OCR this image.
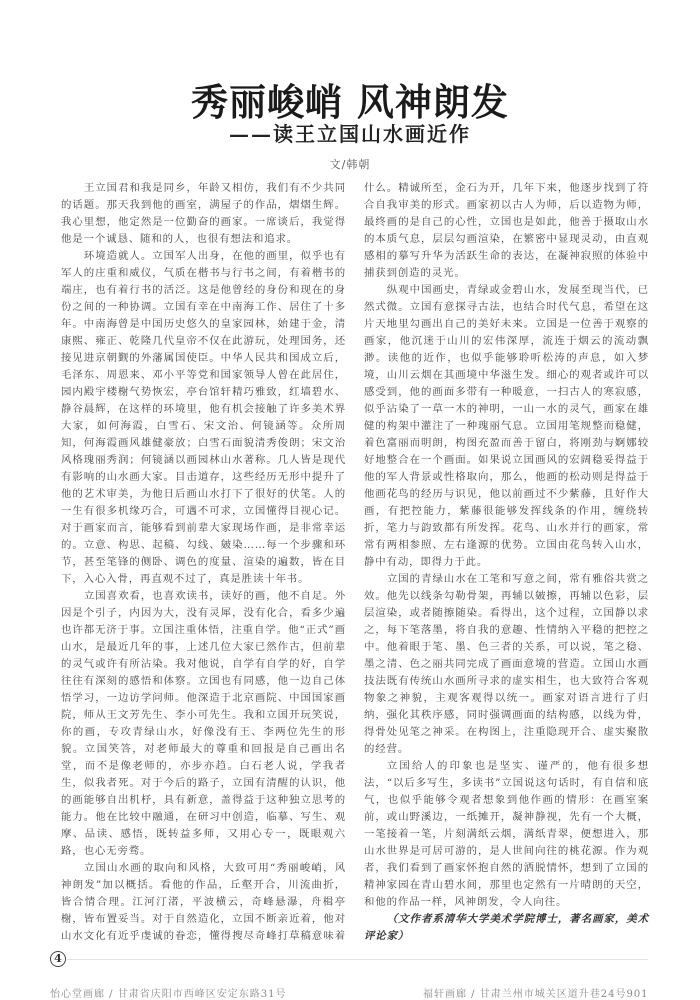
秀丽峻峭 风神朗发
——读王立国山水画近作
文/韩朝

王立国君和我是同乡，年龄又相仿，我们有不少共同的话题。那天我到他的画室，满屋子的作品，熠熠生辉。我心里想，他定然是一位勤奋的画家。一席谈后，我觉得他是一个诚恳、随和的人，也很有想法和追求。

环境造就人。立国军人出身，在他的画里，似乎也有军人的庄重和威仪，气质在楷书与行书之间，有着楷书的端庄，也有着行书的活泛。这是他曾经的身份和现在的身份之间的一种协调。立国有幸在中南海工作、居住了十多年。中南海曾是中国历史悠久的皇家园林，始建于金，清康熙、雍正、乾隆几代皇帝不仅在此游玩，处理国务，还接见进京朝觐的外藩属国使臣。中华人民共和国成立后，毛泽东、周恩来、邓小平等党和国家领导人曾在此居住，园内殿宇楼榭气势恢宏，亭台馆轩精巧雅致，红墙碧水、静谷晨辉，在这样的环境里，他有机会接触了许多美术界大家，如何海霞，白雪石、宋文治、何镜涵等。众所周知，何海霞画风雄健豪放；白雪石面貌清秀俊朗；宋文治风格瑰丽秀润；何镜涵以画园林山水著称。几人皆是现代有影响的山水画大家。目击道存，这些经历无形中提升了他的艺术审美，为他日后画山水打下了很好的伏笔。人的一生有很多机缘巧合，可遇不可求，立国懂得目视心记。对于画家而言，能够看到前辈大家现场作画，是非常幸运的。立意、构思、起稿、勾线、皴染……每一个步骤和环节，甚至笔锋的侧卧、调色的度量、渲染的遍数，皆在目下，入心入骨，再直观不过了，真是胜读十年书。

立国喜欢看，也喜欢读书，读好的画，他不自足。外因是个引子，内因为大，没有灵犀，没有化合，看多少遍也许都无济于事。立国注重体悟，注重自学。他“正式”画山水，是最近几年的事，上述几位大家已然作古，但前辈的灵气或许有所沾染。我对他说，自学有自学的好，自学往往有深刻的感悟和体察。立国也有同感，他一边自己体悟学习，一边访学问师。他深造于北京画院、中国国家画院，师从王文芳先生、李小可先生。我和立国开玩笑说，你的画，专攻青绿山水，好像没有王、李两位先生的形貌。立国笑答，对老师最大的尊重和回报是自己画出名堂，而不是像老师的，亦步亦趋。白石老人说，学我者生，似我者死。对于今后的路子，立国有清醒的认识，他的画能够自出机杼，具有新意，盖得益于这种独立思考的能力。他在比较中融通，在研习中创造，临摹、写生、观摩、品读、感悟，既转益多师，又用心专一，既眼观六路，也心无旁骛。

立国山水画的取向和风格，大致可用“秀丽峻峭，风神朗发”加以概括。看他的作品，丘壑开合，川流曲折，皆合情合理。江河汀渚，平波横云，奇峰悬瀑，舟楫亭榭，皆布置妥当。对于自然造化，立国不断亲近着，他对山水文化有近乎虔诚的眷恋，懂得搜尽奇峰打草稿意味着什么。精诚所至，金石为开，几年下来，他逐步找到了符合自我审美的形式。画家初以古人为师，后以造物为师，最终画的是自己的心性，立国也是如此，他善于摄取山水的本质气息，层层勾画渲染，在繁密中显现灵动，由直观感相的摹写升华为活跃生命的表达，在凝神寂照的体验中捕获到创造的灵光。

纵观中国画史，青绿或金碧山水，发展至现当代，已然式微。立国有意探寻古法，也结合时代气息，希望在这片天地里勾画出自己的美好未来。立国是一位善于观察的画家，他沉迷于山川的宏伟深厚，流连于烟云的流动飘渺。读他的近作，也似乎能够聆听松涛的声息，如入梦境，山川云烟在其画境中华滋生发。细心的观者或许可以感受到，他的画面多带有一种暖意，一扫古人的寒寂感，似乎沾染了一草一木的神明，一山一水的灵气，画家在雄健的构架中灌注了一种瑰丽气息。立国用笔规整而稳健，着色富丽而明朗，构图充盈而善于留白，将刚劲与婀娜较好地整合在一个画面。如果说立国画风的宏阔稳妥得益于他的军人背景或性格取向，那么，他画的松动则是得益于他画花鸟的经历与识见，他以前画过不少紫藤，且好作大画，有把控能力，紫藤很能够发挥线条的作用，缠绕转折，笔力与韵致都有所发挥。花鸟、山水并行的画家，常常有两相参照、左右逢源的优势。立国由花鸟转入山水，静中有动，即得力于此。

立国的青绿山水在工笔和写意之间，常有雅俗共赏之效。他先以线条勾勒骨架，再辅以皴擦，再辅以色彩，层层渲染，或者随擦随染。看得出，这个过程，立国静以求之，每下笔落墨，将自我的意趣、性情纳入平稳的把控之中。他着眼于笔、墨、色三者的关系，可以说，笔之稳、墨之清、色之丽共同完成了画面意境的营造。立国山水画技法既有传统山水画所寻求的虚实相生，也大致符合客观物象之神貌，主观客观得以统一。画家对语言进行了归纳，强化其秩序感，同时强调画面的结构感，以线为骨，得骨处见笔之神采。在构图上，注重隐现开合、虚实聚散的经营。

立国给人的印象也是坚实、谨严的，他有很多想法，“以后多写生，多读书”立国说这句话时，有自信和底气，也似乎能够令观者想象到他作画的情形：在画室案前，或山野溪边，一纸摊开，凝神静视，先有一个大概，一笔接着一笔，片刻满纸云烟，满纸青翠，便想进入，那山水世界是可居可游的，是人世间向往的桃花源。作为观者，我们看到了画家怀抱自然的洒脱情怀，想到了立国的精神家园在青山碧水间，那里也定然有一片晴朗的天空，和他的作品一样，风神朗发，令人向往。

（文作者系清华大学美术学院博士，著名画家，美术评论家）

4
怡心堂画廊 / 甘肃省庆阳市西峰区安定东路31号	福轩画廊 / 甘肃兰州市城关区道升巷24号901
